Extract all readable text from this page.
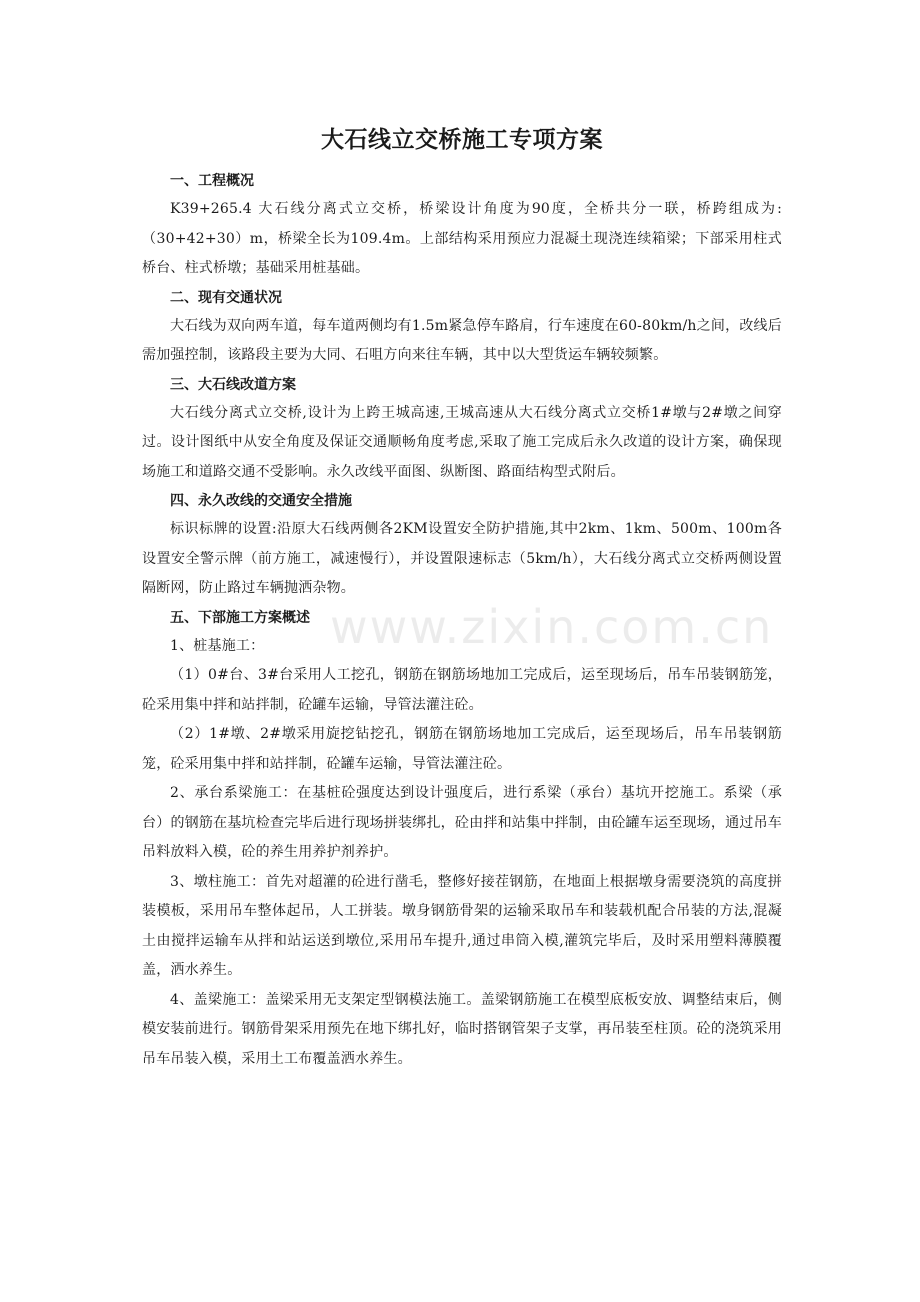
大石线立交桥施工专项方案
一、工程概况

K39+265.4 大石线分离式立交桥，桥梁设计角度为90度，全桥共分一联，桥跨组成为:（30+42+30）m，桥梁全长为109.4m。上部结构采用预应力混凝土现浇连续箱梁；下部采用柱式桥台、柱式桥墩；基础采用桩基础。

二、现有交通状况

大石线为双向两车道，每车道两侧均有1.5m紧急停车路肩，行车速度在60-80km/h之间，改线后需加强控制，该路段主要为大同、石咀方向来往车辆，其中以大型货运车辆较频繁。

三、大石线改道方案

大石线分离式立交桥,设计为上跨王城高速,王城高速从大石线分离式立交桥1#墩与2#墩之间穿过。设计图纸中从安全角度及保证交通顺畅角度考虑,采取了施工完成后永久改道的设计方案，确保现场施工和道路交通不受影响。永久改线平面图、纵断图、路面结构型式附后。

四、永久改线的交通安全措施

标识标牌的设置:沿原大石线两侧各2KM设置安全防护措施,其中2km、1km、500m、100m各设置安全警示牌（前方施工，减速慢行），并设置限速标志（5km/h），大石线分离式立交桥两侧设置隔断网，防止路过车辆抛洒杂物。

五、下部施工方案概述

1、桩基施工：

（1）0#台、3#台采用人工挖孔，钢筋在钢筋场地加工完成后，运至现场后，吊车吊装钢筋笼，砼采用集中拌和站拌制，砼罐车运输，导管法灌注砼。

（2）1#墩、2#墩采用旋挖钻挖孔，钢筋在钢筋场地加工完成后，运至现场后，吊车吊装钢筋笼，砼采用集中拌和站拌制，砼罐车运输，导管法灌注砼。

2、承台系梁施工：在基桩砼强度达到设计强度后，进行系梁（承台）基坑开挖施工。系梁（承台）的钢筋在基坑检查完毕后进行现场拼装绑扎，砼由拌和站集中拌制，由砼罐车运至现场，通过吊车吊料放料入模，砼的养生用养护剂养护。

3、墩柱施工：首先对超灌的砼进行凿毛，整修好接茬钢筋，在地面上根据墩身需要浇筑的高度拼装模板，采用吊车整体起吊，人工拼装。墩身钢筋骨架的运输采取吊车和装载机配合吊装的方法,混凝土由搅拌运输车从拌和站运送到墩位,采用吊车提升,通过串筒入模,灌筑完毕后，及时采用塑料薄膜覆盖，洒水养生。

4、盖梁施工：盖梁采用无支架定型钢模法施工。盖梁钢筋施工在模型底板安放、调整结束后，侧模安装前进行。钢筋骨架采用预先在地下绑扎好，临时搭钢管架子支掌，再吊装至柱顶。砼的浇筑采用吊车吊装入模，采用土工布覆盖洒水养生。

www.zixin.com.cn
